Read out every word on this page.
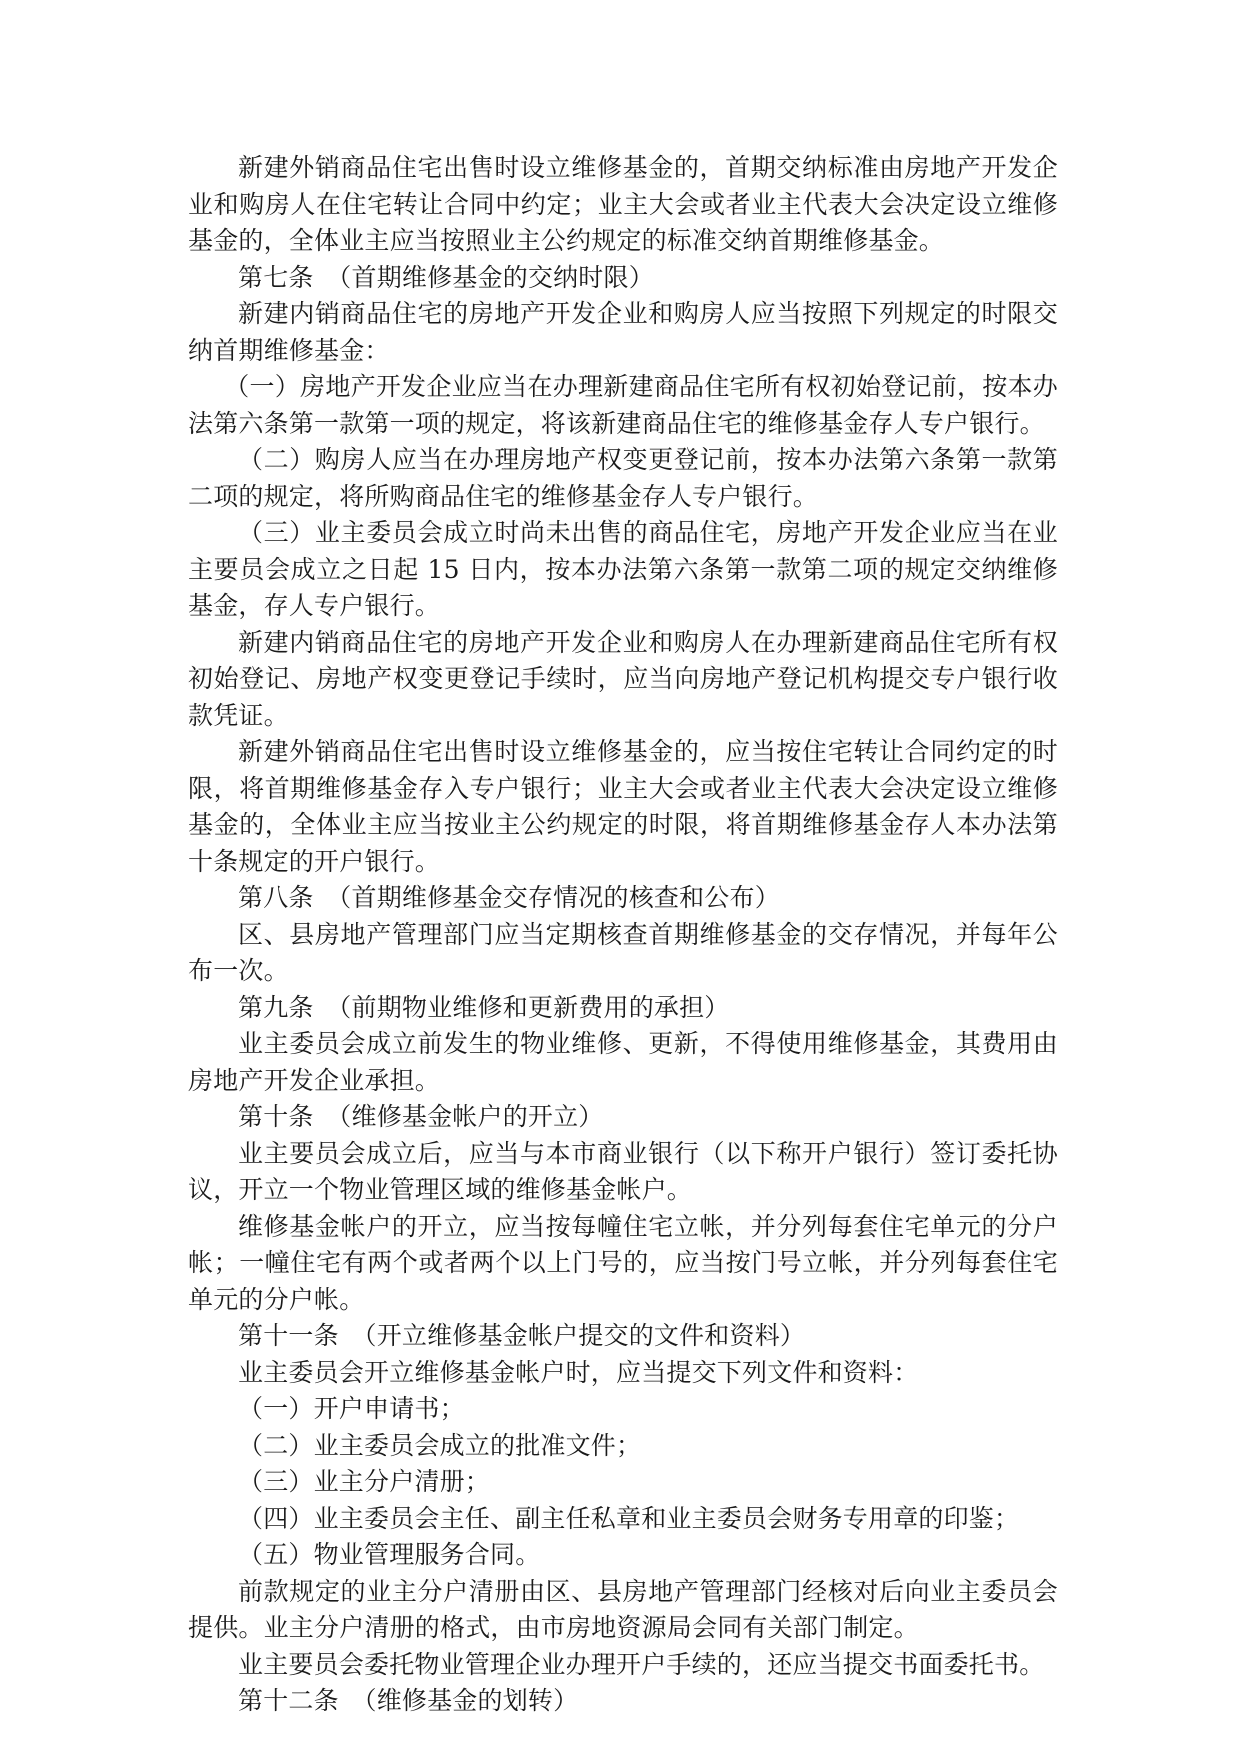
新建外销商品住宅出售时设立维修基金的，首期交纳标准由房地产开发企业和购房人在住宅转让合同中约定；业主大会或者业主代表大会决定设立维修基金的，全体业主应当按照业主公约规定的标准交纳首期维修基金。

第七条　（首期维修基金的交纳时限）

新建内销商品住宅的房地产开发企业和购房人应当按照下列规定的时限交纳首期维修基金：

（一）房地产开发企业应当在办理新建商品住宅所有权初始登记前，按本办法第六条第一款第一项的规定，将该新建商品住宅的维修基金存人专户银行。

（二）购房人应当在办理房地产权变更登记前，按本办法第六条第一款第二项的规定，将所购商品住宅的维修基金存人专户银行。

（三）业主委员会成立时尚未出售的商品住宅，房地产开发企业应当在业主要员会成立之日起 15 日内，按本办法第六条第一款第二项的规定交纳维修基金，存人专户银行。

新建内销商品住宅的房地产开发企业和购房人在办理新建商品住宅所有权初始登记、房地产权变更登记手续时，应当向房地产登记机构提交专户银行收款凭证。

新建外销商品住宅出售时设立维修基金的，应当按住宅转让合同约定的时限，将首期维修基金存入专户银行；业主大会或者业主代表大会决定设立维修基金的，全体业主应当按业主公约规定的时限，将首期维修基金存人本办法第十条规定的开户银行。

第八条　（首期维修基金交存情况的核查和公布）

区、县房地产管理部门应当定期核查首期维修基金的交存情况，并每年公布一次。

第九条　（前期物业维修和更新费用的承担）

业主委员会成立前发生的物业维修、更新，不得使用维修基金，其费用由房地产开发企业承担。

第十条　（维修基金帐户的开立）

业主要员会成立后，应当与本市商业银行（以下称开户银行）签订委托协议，开立一个物业管理区域的维修基金帐户。

维修基金帐户的开立，应当按每幢住宅立帐，并分列每套住宅单元的分户帐；一幢住宅有两个或者两个以上门号的，应当按门号立帐，并分列每套住宅单元的分户帐。

第十一条　（开立维修基金帐户提交的文件和资料）

业主委员会开立维修基金帐户时，应当提交下列文件和资料：

（一）开户申请书；

（二）业主委员会成立的批准文件；

（三）业主分户清册；

（四）业主委员会主任、副主任私章和业主委员会财务专用章的印鉴；

（五）物业管理服务合同。

前款规定的业主分户清册由区、县房地产管理部门经核对后向业主委员会提供。业主分户清册的格式，由市房地资源局会同有关部门制定。

业主要员会委托物业管理企业办理开户手续的，还应当提交书面委托书。

第十二条　（维修基金的划转）
